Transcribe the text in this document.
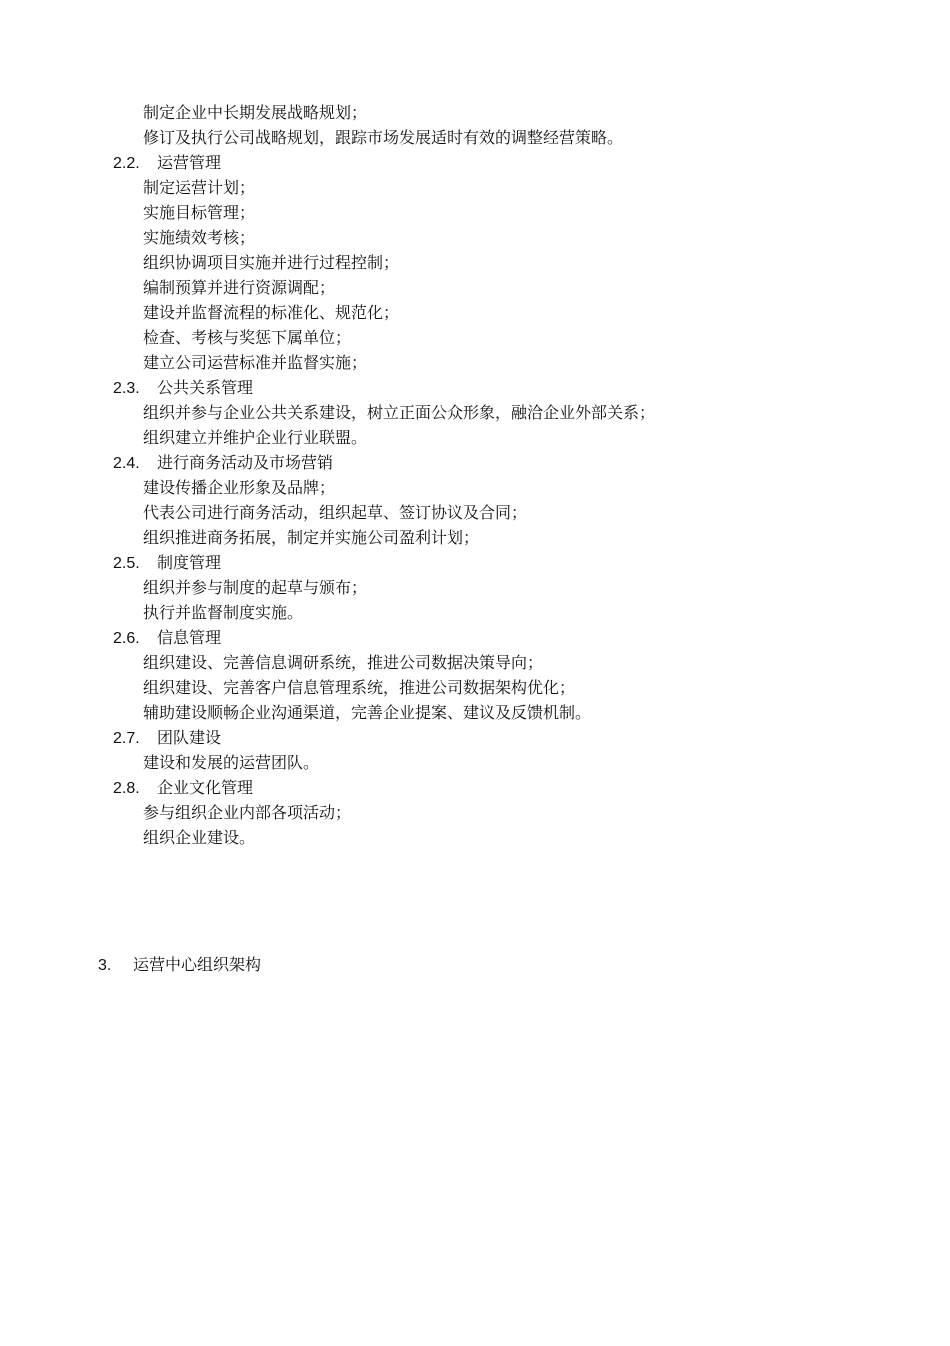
制定企业中长期发展战略规划；
修订及执行公司战略规划，跟踪市场发展适时有效的调整经营策略。
2.2. 运营管理
制定运营计划；
实施目标管理；
实施绩效考核；
组织协调项目实施并进行过程控制；
编制预算并进行资源调配；
建设并监督流程的标准化、规范化；
检查、考核与奖惩下属单位；
建立公司运营标准并监督实施；
2.3. 公共关系管理
组织并参与企业公共关系建设，树立正面公众形象，融洽企业外部关系；
组织建立并维护企业行业联盟。
2.4. 进行商务活动及市场营销
建设传播企业形象及品牌；
代表公司进行商务活动，组织起草、签订协议及合同；
组织推进商务拓展，制定并实施公司盈利计划；
2.5. 制度管理
组织并参与制度的起草与颁布；
执行并监督制度实施。
2.6. 信息管理
组织建设、完善信息调研系统，推进公司数据决策导向；
组织建设、完善客户信息管理系统，推进公司数据架构优化；
辅助建设顺畅企业沟通渠道，完善企业提案、建议及反馈机制。
2.7. 团队建设
建设和发展的运营团队。
2.8. 企业文化管理
参与组织企业内部各项活动；
组织企业建设。
3. 运营中心组织架构
